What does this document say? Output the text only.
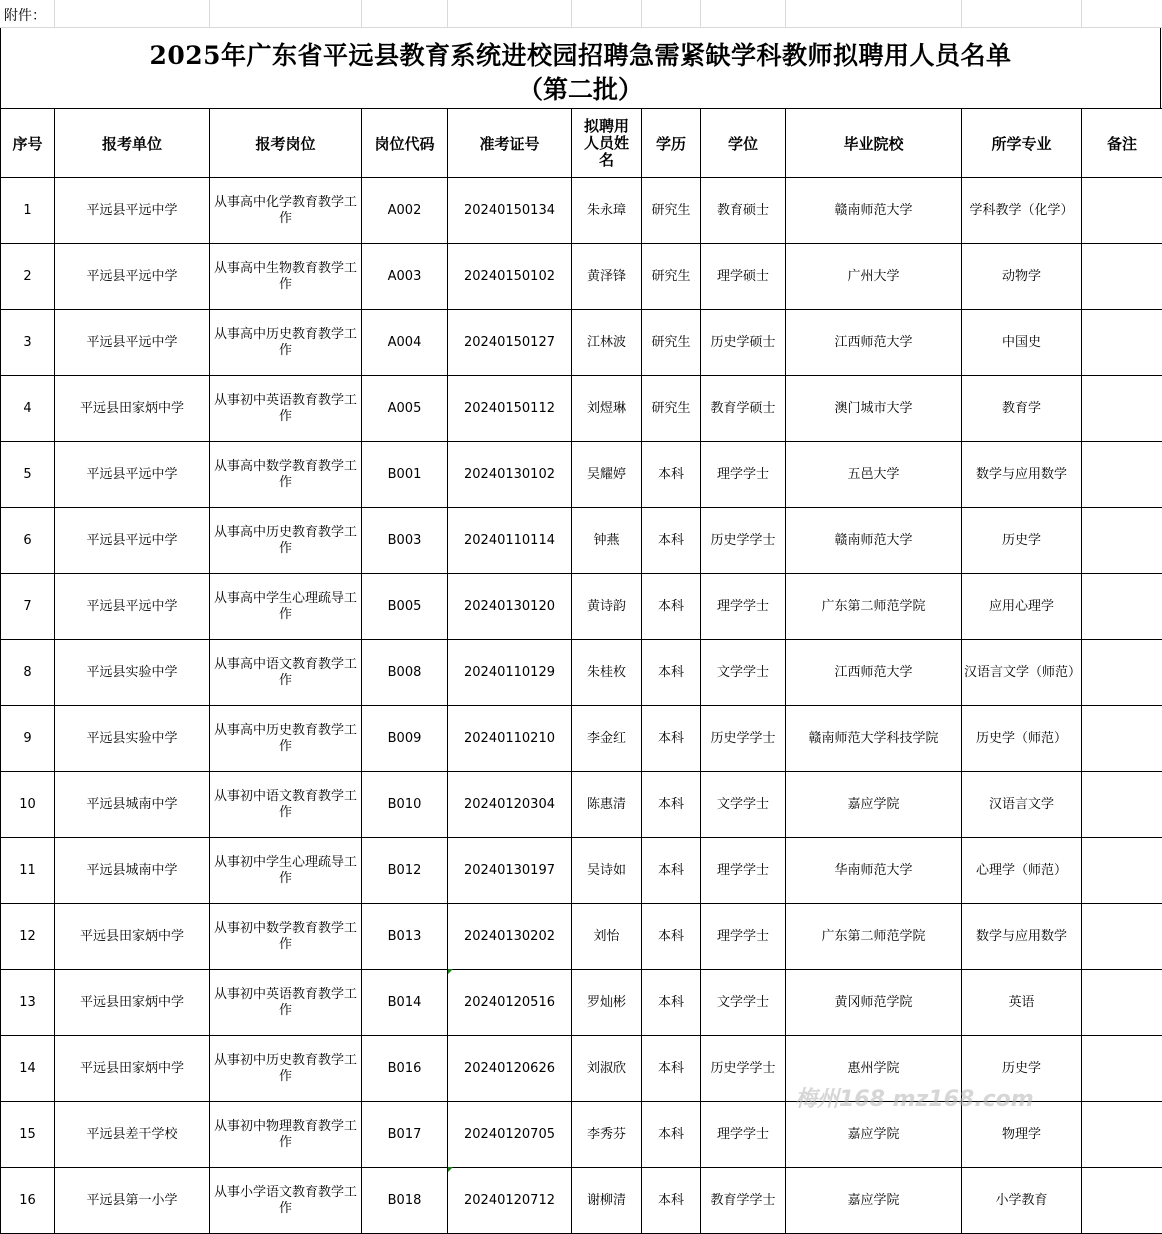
附件：
2025年广东省平远县教育系统进校园招聘急需紧缺学科教师拟聘用人员名单
（第二批）
序号	报考单位	报考岗位	岗位代码	准考证号	拟聘用人员姓名	学历	学位	毕业院校	所学专业	备注
1	平远县平远中学	从事高中化学教育教学工作	A002	20240150134	朱永璋	研究生	教育硕士	赣南师范大学	学科教学（化学）	
2	平远县平远中学	从事高中生物教育教学工作	A003	20240150102	黄泽锋	研究生	理学硕士	广州大学	动物学	
3	平远县平远中学	从事高中历史教育教学工作	A004	20240150127	江林波	研究生	历史学硕士	江西师范大学	中国史	
4	平远县田家炳中学	从事初中英语教育教学工作	A005	20240150112	刘煜琳	研究生	教育学硕士	澳门城市大学	教育学	
5	平远县平远中学	从事高中数学教育教学工作	B001	20240130102	吴耀婷	本科	理学学士	五邑大学	数学与应用数学	
6	平远县平远中学	从事高中历史教育教学工作	B003	20240110114	钟燕	本科	历史学学士	赣南师范大学	历史学	
7	平远县平远中学	从事高中学生心理疏导工作	B005	20240130120	黄诗韵	本科	理学学士	广东第二师范学院	应用心理学	
8	平远县实验中学	从事高中语文教育教学工作	B008	20240110129	朱桂枚	本科	文学学士	江西师范大学	汉语言文学（师范）	
9	平远县实验中学	从事高中历史教育教学工作	B009	20240110210	李金红	本科	历史学学士	赣南师范大学科技学院	历史学（师范）	
10	平远县城南中学	从事初中语文教育教学工作	B010	20240120304	陈惠清	本科	文学学士	嘉应学院	汉语言文学	
11	平远县城南中学	从事初中学生心理疏导工作	B012	20240130197	吴诗如	本科	理学学士	华南师范大学	心理学（师范）	
12	平远县田家炳中学	从事初中数学教育教学工作	B013	20240130202	刘怡	本科	理学学士	广东第二师范学院	数学与应用数学	
13	平远县田家炳中学	从事初中英语教育教学工作	B014	20240120516	罗灿彬	本科	文学学士	黄冈师范学院	英语	
14	平远县田家炳中学	从事初中历史教育教学工作	B016	20240120626	刘淑欣	本科	历史学学士	惠州学院	历史学	
15	平远县差干学校	从事初中物理教育教学工作	B017	20240120705	李秀芬	本科	理学学士	嘉应学院	物理学	
16	平远县第一小学	从事小学语文教育教学工作	B018	20240120712	谢柳清	本科	教育学学士	嘉应学院	小学教育	
梅州168 mz168.com
